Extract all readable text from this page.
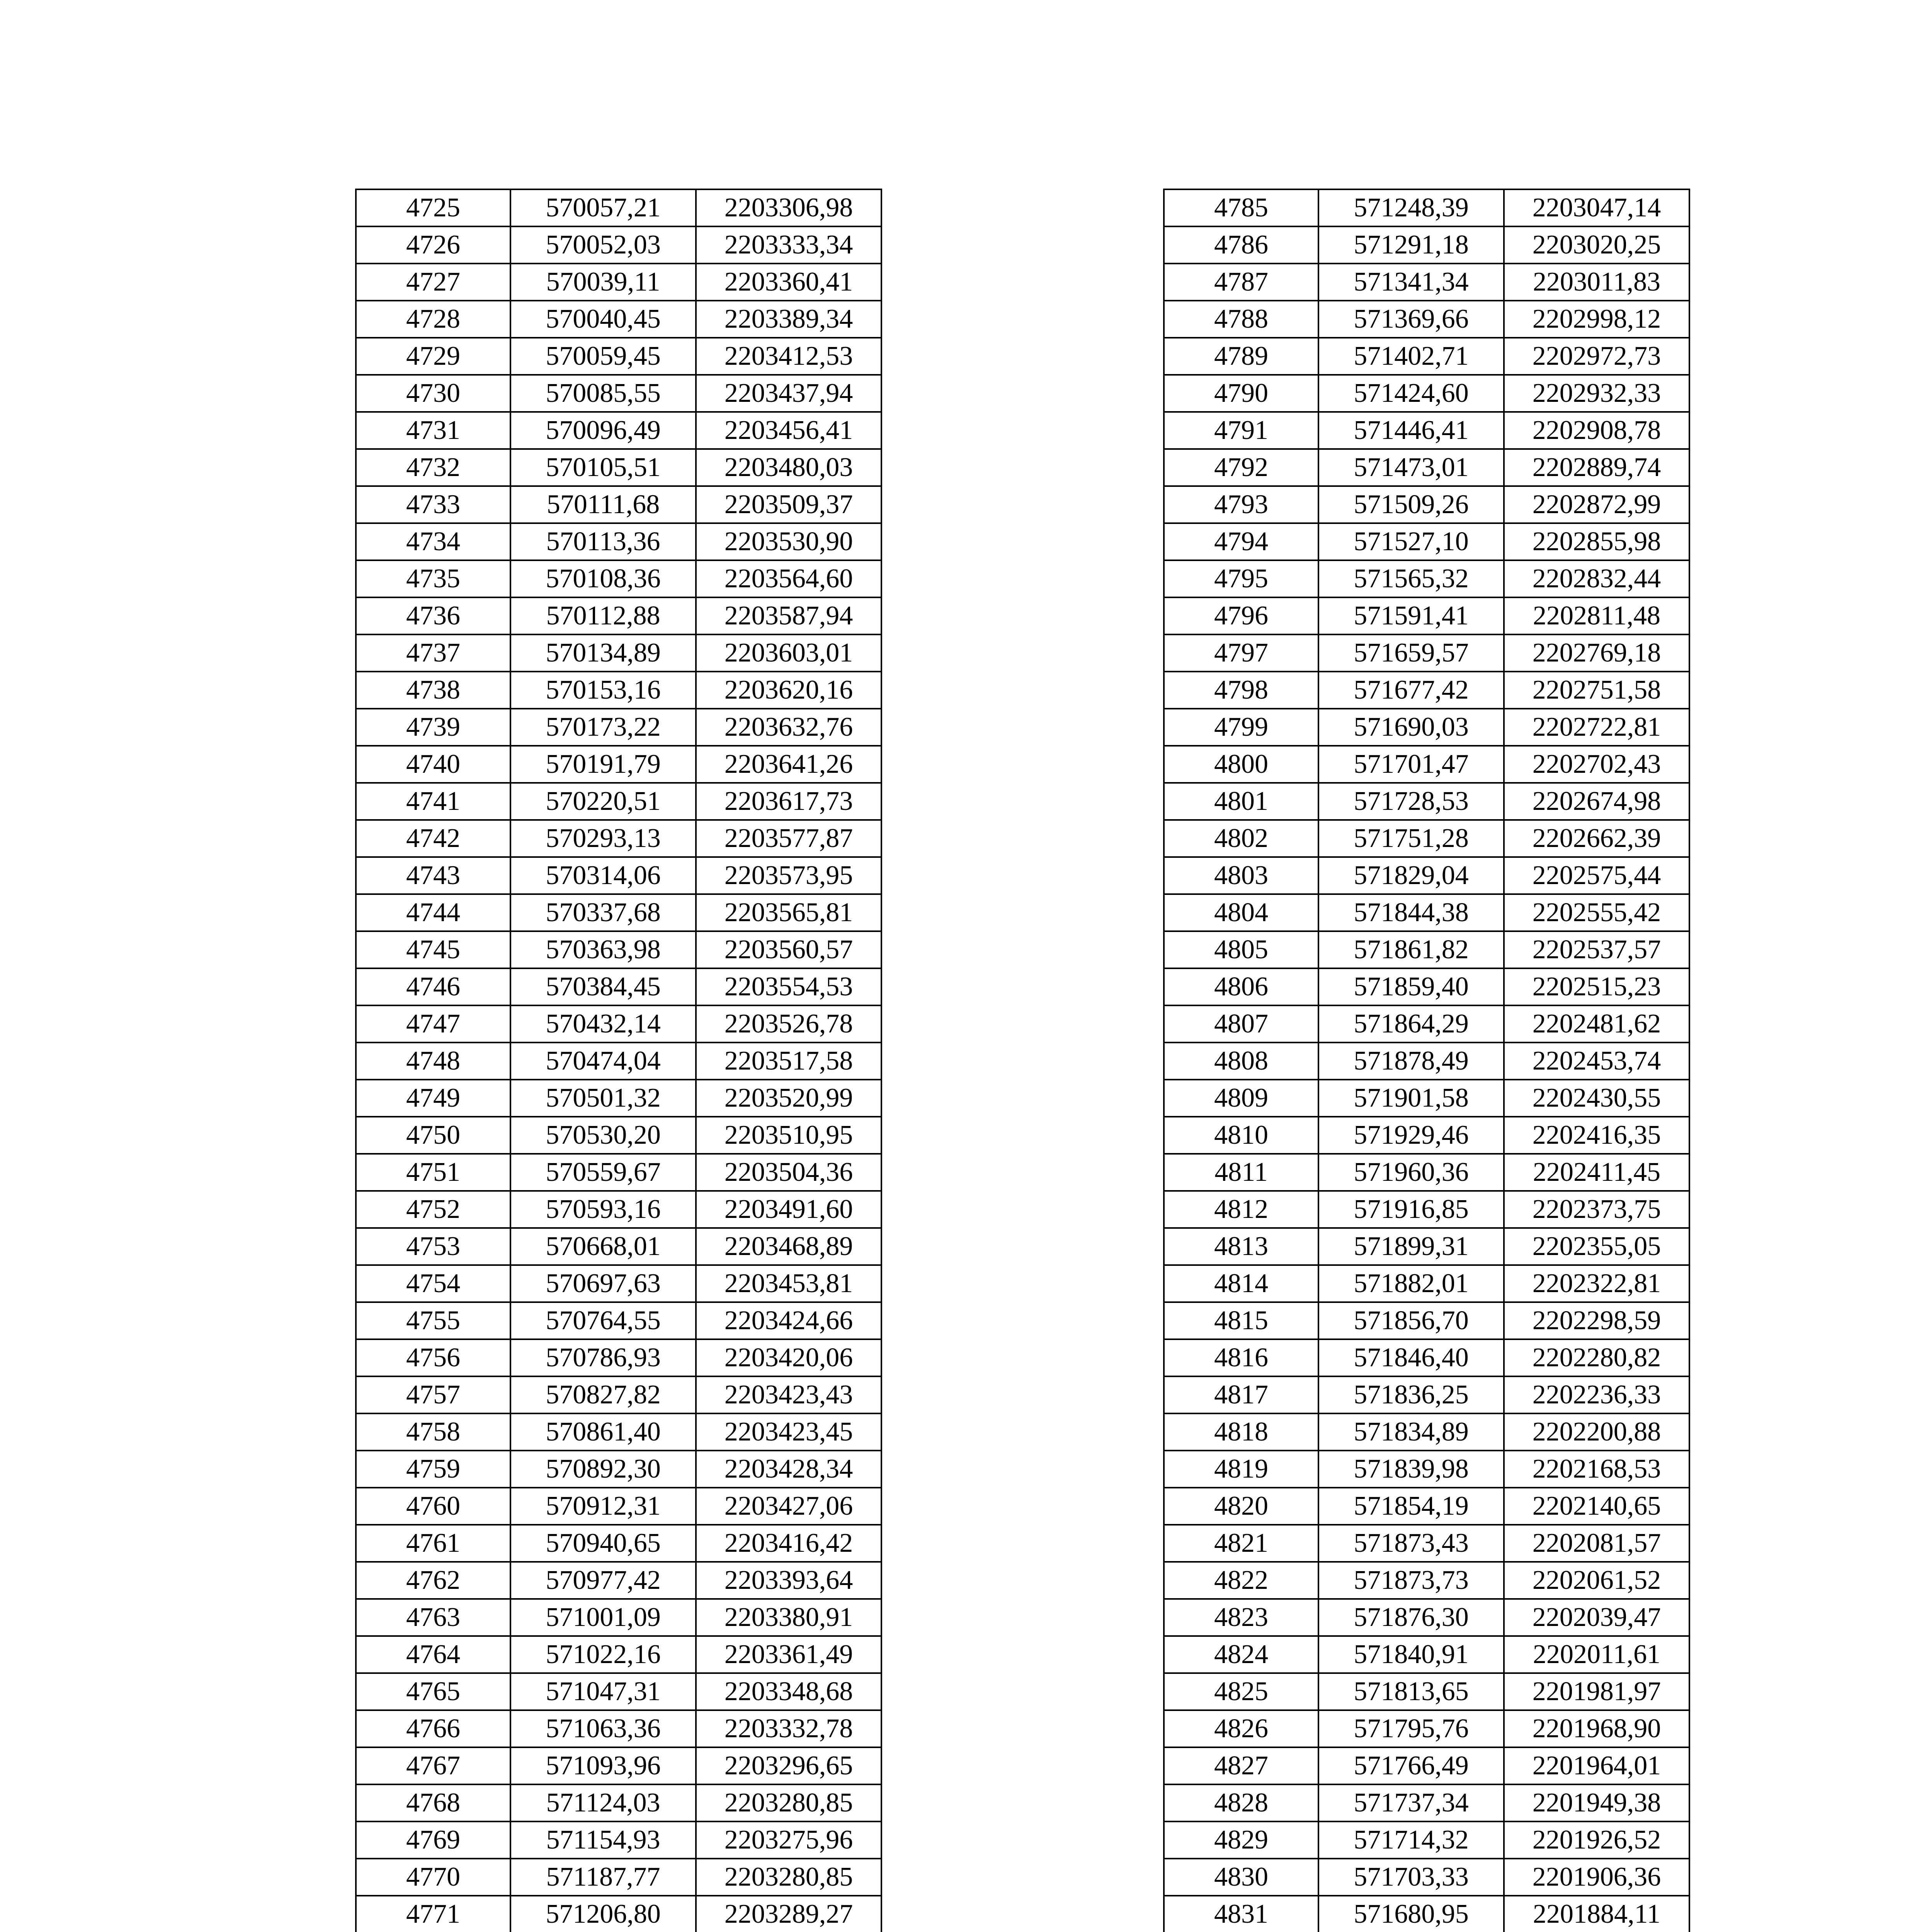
4725	570057,21	2203306,98
4726	570052,03	2203333,34
4727	570039,11	2203360,41
4728	570040,45	2203389,34
4729	570059,45	2203412,53
4730	570085,55	2203437,94
4731	570096,49	2203456,41
4732	570105,51	2203480,03
4733	570111,68	2203509,37
4734	570113,36	2203530,90
4735	570108,36	2203564,60
4736	570112,88	2203587,94
4737	570134,89	2203603,01
4738	570153,16	2203620,16
4739	570173,22	2203632,76
4740	570191,79	2203641,26
4741	570220,51	2203617,73
4742	570293,13	2203577,87
4743	570314,06	2203573,95
4744	570337,68	2203565,81
4745	570363,98	2203560,57
4746	570384,45	2203554,53
4747	570432,14	2203526,78
4748	570474,04	2203517,58
4749	570501,32	2203520,99
4750	570530,20	2203510,95
4751	570559,67	2203504,36
4752	570593,16	2203491,60
4753	570668,01	2203468,89
4754	570697,63	2203453,81
4755	570764,55	2203424,66
4756	570786,93	2203420,06
4757	570827,82	2203423,43
4758	570861,40	2203423,45
4759	570892,30	2203428,34
4760	570912,31	2203427,06
4761	570940,65	2203416,42
4762	570977,42	2203393,64
4763	571001,09	2203380,91
4764	571022,16	2203361,49
4765	571047,31	2203348,68
4766	571063,36	2203332,78
4767	571093,96	2203296,65
4768	571124,03	2203280,85
4769	571154,93	2203275,96
4770	571187,77	2203280,85
4771	571206,80	2203289,27

4785	571248,39	2203047,14
4786	571291,18	2203020,25
4787	571341,34	2203011,83
4788	571369,66	2202998,12
4789	571402,71	2202972,73
4790	571424,60	2202932,33
4791	571446,41	2202908,78
4792	571473,01	2202889,74
4793	571509,26	2202872,99
4794	571527,10	2202855,98
4795	571565,32	2202832,44
4796	571591,41	2202811,48
4797	571659,57	2202769,18
4798	571677,42	2202751,58
4799	571690,03	2202722,81
4800	571701,47	2202702,43
4801	571728,53	2202674,98
4802	571751,28	2202662,39
4803	571829,04	2202575,44
4804	571844,38	2202555,42
4805	571861,82	2202537,57
4806	571859,40	2202515,23
4807	571864,29	2202481,62
4808	571878,49	2202453,74
4809	571901,58	2202430,55
4810	571929,46	2202416,35
4811	571960,36	2202411,45
4812	571916,85	2202373,75
4813	571899,31	2202355,05
4814	571882,01	2202322,81
4815	571856,70	2202298,59
4816	571846,40	2202280,82
4817	571836,25	2202236,33
4818	571834,89	2202200,88
4819	571839,98	2202168,53
4820	571854,19	2202140,65
4821	571873,43	2202081,57
4822	571873,73	2202061,52
4823	571876,30	2202039,47
4824	571840,91	2202011,61
4825	571813,65	2201981,97
4826	571795,76	2201968,90
4827	571766,49	2201964,01
4828	571737,34	2201949,38
4829	571714,32	2201926,52
4830	571703,33	2201906,36
4831	571680,95	2201884,11
